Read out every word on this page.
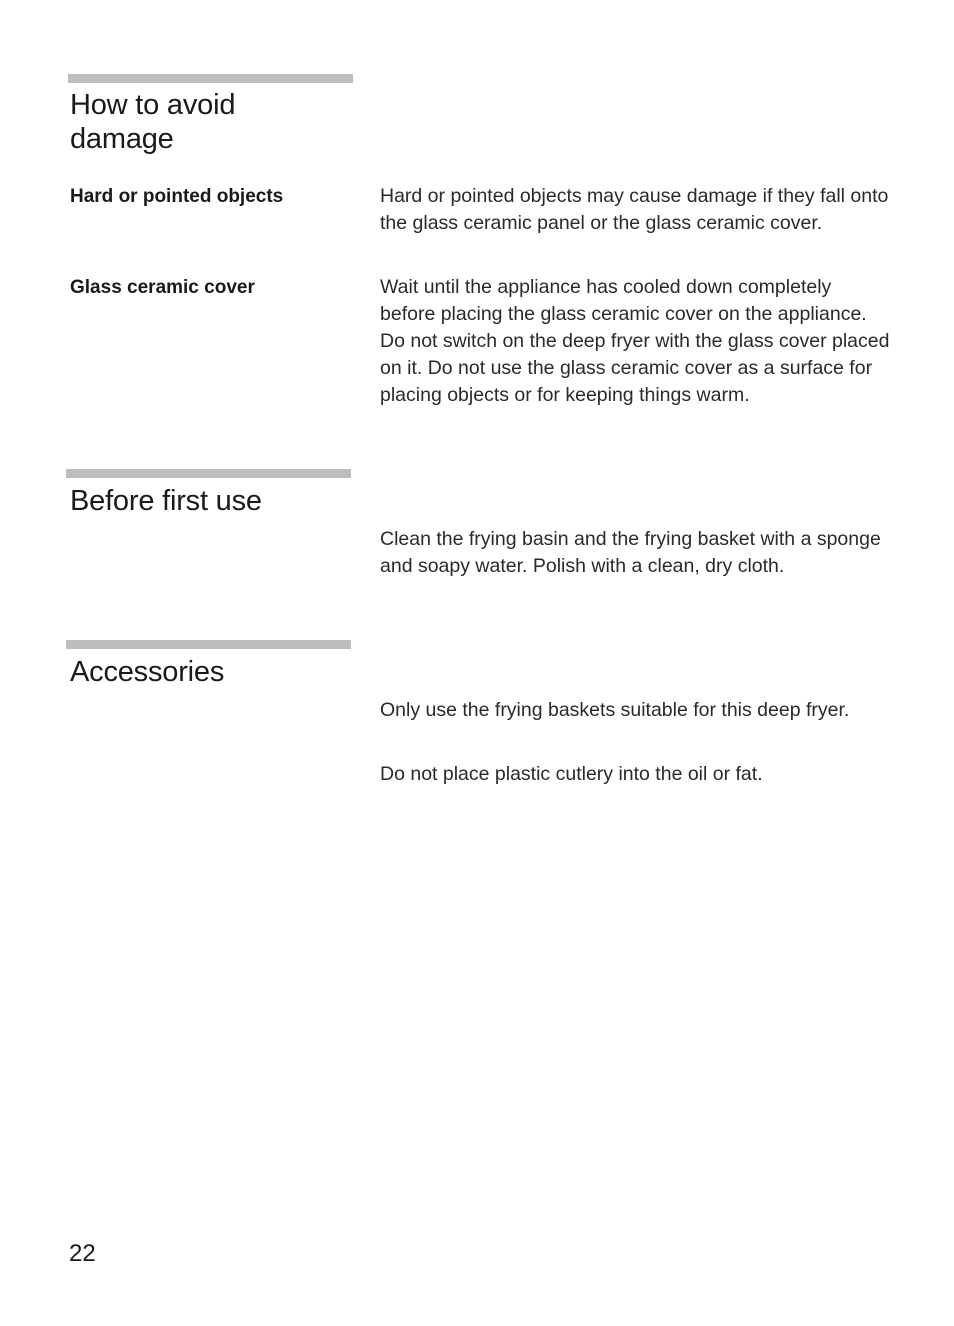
How to avoid
damage
Hard or pointed objects	Hard or pointed objects may cause damage if they fall onto the glass ceramic panel or the glass ceramic cover.

Glass ceramic cover	Wait until the appliance has cooled down completely before placing the glass ceramic cover on the appliance. Do not switch on the deep fryer with the glass cover placed on it. Do not use the glass ceramic cover as a surface for placing objects or for keeping things warm.

Before first use

Clean the frying basin and the frying basket with a sponge and soapy water. Polish with a clean, dry cloth.

Accessories

Only use the frying baskets suitable for this deep fryer.

Do not place plastic cutlery into the oil or fat.

22
